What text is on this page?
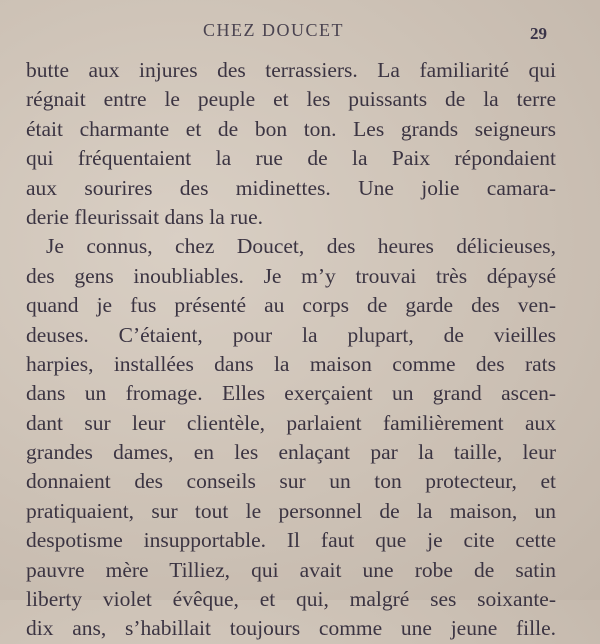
CHEZ DOUCET	29
butte aux injures des terrassiers. La familiarité qui
régnait entre le peuple et les puissants de la terre
était charmante et de bon ton. Les grands seigneurs
qui fréquentaient la rue de la Paix répondaient
aux sourires des midinettes. Une jolie camara-
derie fleurissait dans la rue.
Je connus, chez Doucet, des heures délicieuses,
des gens inoubliables. Je m’y trouvai très dépaysé
quand je fus présenté au corps de garde des ven-
deuses. C’étaient, pour la plupart, de vieilles
harpies, installées dans la maison comme des rats
dans un fromage. Elles exerçaient un grand ascen-
dant sur leur clientèle, parlaient familièrement aux
grandes dames, en les enlaçant par la taille, leur
donnaient des conseils sur un ton protecteur, et
pratiquaient, sur tout le personnel de la maison, un
despotisme insupportable. Il faut que je cite cette
pauvre mère Tilliez, qui avait une robe de satin
liberty violet évêque, et qui, malgré ses soixante-
dix ans, s’habillait toujours comme une jeune fille.
